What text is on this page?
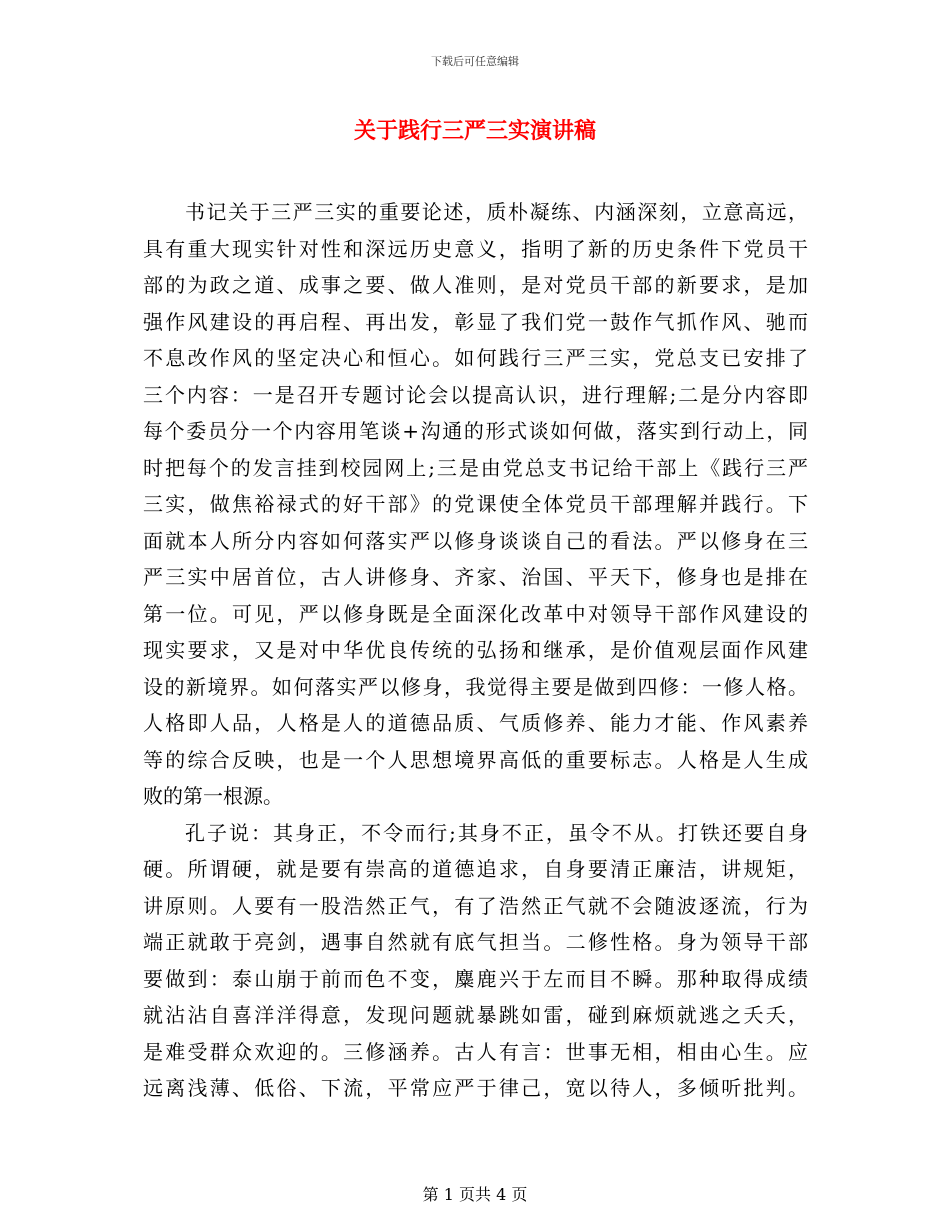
下载后可任意编辑
关于践行三严三实演讲稿

书记关于三严三实的重要论述，质朴凝练、内涵深刻，立意高远，
具有重大现实针对性和深远历史意义，指明了新的历史条件下党员干
部的为政之道、成事之要、做人准则，是对党员干部的新要求，是加
强作风建设的再启程、再出发，彰显了我们党一鼓作气抓作风、驰而
不息改作风的坚定决心和恒心。如何践行三严三实，党总支已安排了
三个内容：一是召开专题讨论会以提高认识，进行理解;二是分内容即
每个委员分一个内容用笔谈+沟通的形式谈如何做，落实到行动上，同
时把每个的发言挂到校园网上;三是由党总支书记给干部上《践行三严
三实，做焦裕禄式的好干部》的党课使全体党员干部理解并践行。下
面就本人所分内容如何落实严以修身谈谈自己的看法。严以修身在三
严三实中居首位，古人讲修身、齐家、治国、平天下，修身也是排在
第一位。可见，严以修身既是全面深化改革中对领导干部作风建设的
现实要求，又是对中华优良传统的弘扬和继承，是价值观层面作风建
设的新境界。如何落实严以修身，我觉得主要是做到四修：一修人格。
人格即人品，人格是人的道德品质、气质修养、能力才能、作风素养
等的综合反映，也是一个人思想境界高低的重要标志。人格是人生成
败的第一根源。

孔子说：其身正，不令而行;其身不正，虽令不从。打铁还要自身
硬。所谓硬，就是要有崇高的道德追求，自身要清正廉洁，讲规矩，
讲原则。人要有一股浩然正气，有了浩然正气就不会随波逐流，行为
端正就敢于亮剑，遇事自然就有底气担当。二修性格。身为领导干部
要做到：泰山崩于前而色不变，麋鹿兴于左而目不瞬。那种取得成绩
就沾沾自喜洋洋得意，发现问题就暴跳如雷，碰到麻烦就逃之夭夭，
是难受群众欢迎的。三修涵养。古人有言：世事无相，相由心生。应
远离浅薄、低俗、下流，平常应严于律己，宽以待人，多倾听批判。

第 1 页共 4 页
